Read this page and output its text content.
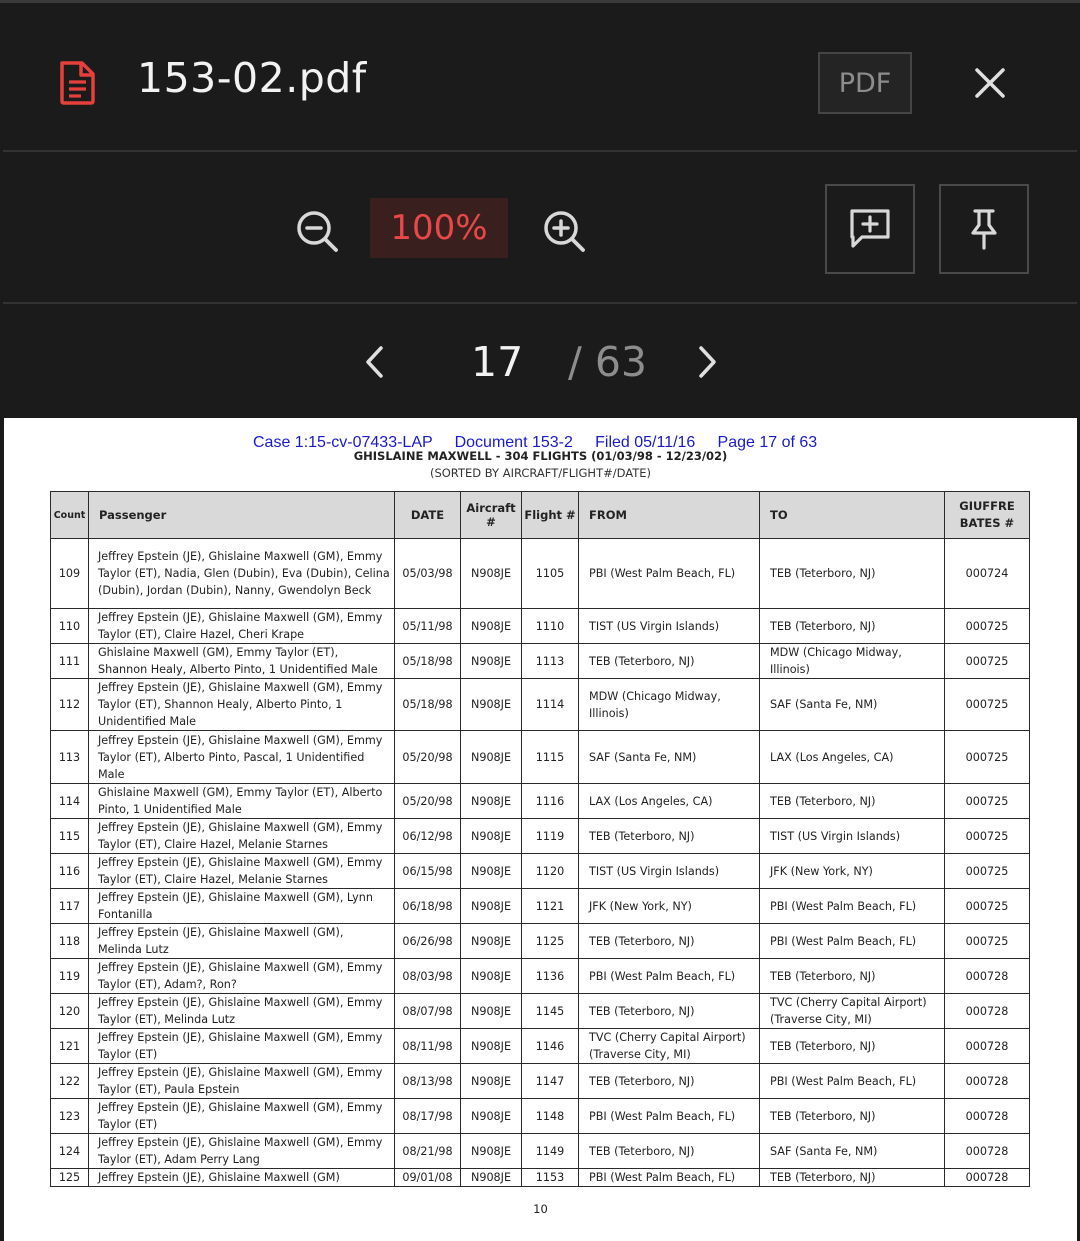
153-02.pdf	PDF
100%
17 / 63
Case 1:15-cv-07433-LAP     Document 153-2     Filed 05/11/16     Page 17 of 63
GHISLAINE MAXWELL - 304 FLIGHTS (01/03/98 - 12/23/02)
(SORTED BY AIRCRAFT/FLIGHT#/DATE)
Count	Passenger	DATE	Aircraft #	Flight #	FROM	TO	GIUFFRE BATES #
109	Jeffrey Epstein (JE), Ghislaine Maxwell (GM), Emmy Taylor (ET), Nadia, Glen (Dubin), Eva (Dubin), Celina (Dubin), Jordan (Dubin), Nanny, Gwendolyn Beck	05/03/98	N908JE	1105	PBI (West Palm Beach, FL)	TEB (Teterboro, NJ)	000724
110	Jeffrey Epstein (JE), Ghislaine Maxwell (GM), Emmy Taylor (ET), Claire Hazel, Cheri Krape	05/11/98	N908JE	1110	TIST (US Virgin Islands)	TEB (Teterboro, NJ)	000725
111	Ghislaine Maxwell (GM), Emmy Taylor (ET), Shannon Healy, Alberto Pinto, 1 Unidentified Male	05/18/98	N908JE	1113	TEB (Teterboro, NJ)	MDW (Chicago Midway, Illinois)	000725
112	Jeffrey Epstein (JE), Ghislaine Maxwell (GM), Emmy Taylor (ET), Shannon Healy, Alberto Pinto, 1 Unidentified Male	05/18/98	N908JE	1114	MDW (Chicago Midway, Illinois)	SAF (Santa Fe, NM)	000725
113	Jeffrey Epstein (JE), Ghislaine Maxwell (GM), Emmy Taylor (ET), Alberto Pinto, Pascal, 1 Unidentified Male	05/20/98	N908JE	1115	SAF (Santa Fe, NM)	LAX (Los Angeles, CA)	000725
114	Ghislaine Maxwell (GM), Emmy Taylor (ET), Alberto Pinto, 1 Unidentified Male	05/20/98	N908JE	1116	LAX (Los Angeles, CA)	TEB (Teterboro, NJ)	000725
115	Jeffrey Epstein (JE), Ghislaine Maxwell (GM), Emmy Taylor (ET), Claire Hazel, Melanie Starnes	06/12/98	N908JE	1119	TEB (Teterboro, NJ)	TIST (US Virgin Islands)	000725
116	Jeffrey Epstein (JE), Ghislaine Maxwell (GM), Emmy Taylor (ET), Claire Hazel, Melanie Starnes	06/15/98	N908JE	1120	TIST (US Virgin Islands)	JFK (New York, NY)	000725
117	Jeffrey Epstein (JE), Ghislaine Maxwell (GM), Lynn Fontanilla	06/18/98	N908JE	1121	JFK (New York, NY)	PBI (West Palm Beach, FL)	000725
118	Jeffrey Epstein (JE), Ghislaine Maxwell (GM), Melinda Lutz	06/26/98	N908JE	1125	TEB (Teterboro, NJ)	PBI (West Palm Beach, FL)	000725
119	Jeffrey Epstein (JE), Ghislaine Maxwell (GM), Emmy Taylor (ET), Adam?, Ron?	08/03/98	N908JE	1136	PBI (West Palm Beach, FL)	TEB (Teterboro, NJ)	000728
120	Jeffrey Epstein (JE), Ghislaine Maxwell (GM), Emmy Taylor (ET), Melinda Lutz	08/07/98	N908JE	1145	TEB (Teterboro, NJ)	TVC (Cherry Capital Airport) (Traverse City, MI)	000728
121	Jeffrey Epstein (JE), Ghislaine Maxwell (GM), Emmy Taylor (ET)	08/11/98	N908JE	1146	TVC (Cherry Capital Airport) (Traverse City, MI)	TEB (Teterboro, NJ)	000728
122	Jeffrey Epstein (JE), Ghislaine Maxwell (GM), Emmy Taylor (ET), Paula Epstein	08/13/98	N908JE	1147	TEB (Teterboro, NJ)	PBI (West Palm Beach, FL)	000728
123	Jeffrey Epstein (JE), Ghislaine Maxwell (GM), Emmy Taylor (ET)	08/17/98	N908JE	1148	PBI (West Palm Beach, FL)	TEB (Teterboro, NJ)	000728
124	Jeffrey Epstein (JE), Ghislaine Maxwell (GM), Emmy Taylor (ET), Adam Perry Lang	08/21/98	N908JE	1149	TEB (Teterboro, NJ)	SAF (Santa Fe, NM)	000728
125	Jeffrey Epstein (JE), Ghislaine Maxwell (GM)	09/01/08	N908JE	1153	PBI (West Palm Beach, FL)	TEB (Teterboro, NJ)	000728
10
